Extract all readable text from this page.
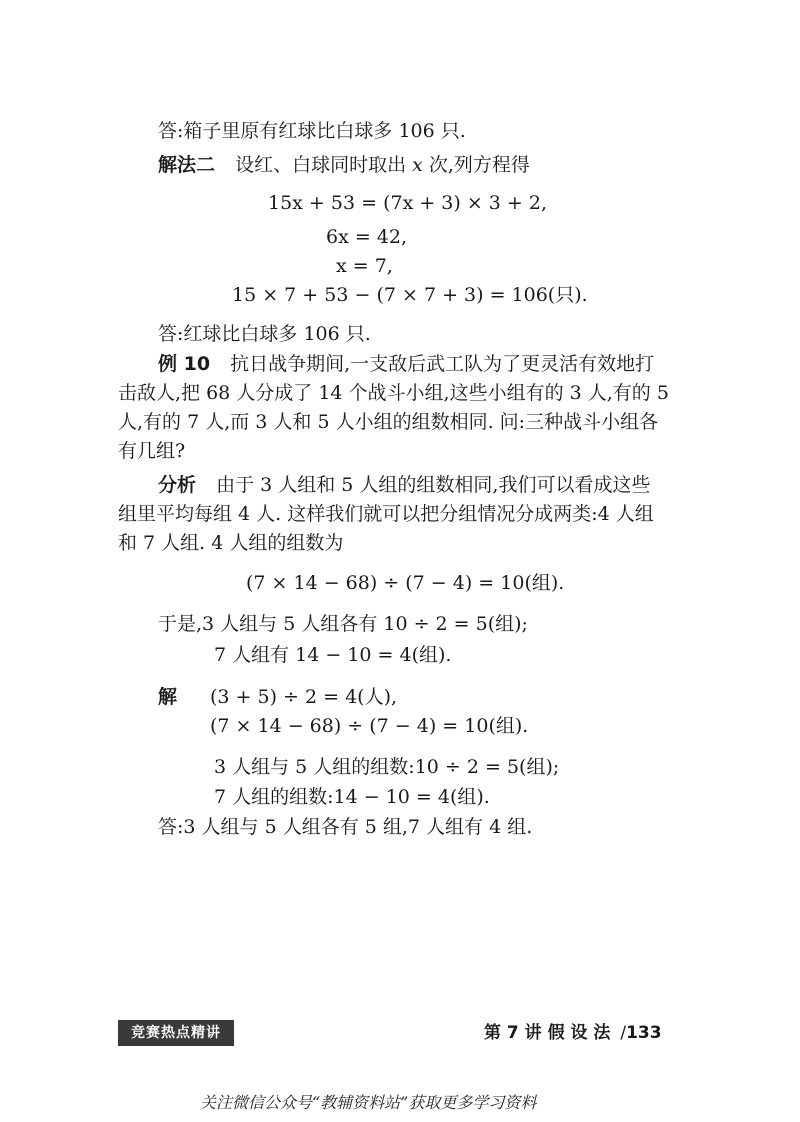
答:箱子里原有红球比白球多 106 只.
解法二 设红、白球同时取出 x 次,列方程得
15x + 53 = (7x + 3) × 3 + 2,
6x = 42,
x = 7,
15 × 7 + 53 − (7 × 7 + 3) = 106(只).
答:红球比白球多 106 只.
例 10 抗日战争期间,一支敌后武工队为了更灵活有效地打
击敌人,把 68 人分成了 14 个战斗小组,这些小组有的 3 人,有的 5
人,有的 7 人,而 3 人和 5 人小组的组数相同. 问:三种战斗小组各
有几组?
分析 由于 3 人组和 5 人组的组数相同,我们可以看成这些
组里平均每组 4 人. 这样我们就可以把分组情况分成两类:4 人组
和 7 人组. 4 人组的组数为
(7 × 14 − 68) ÷ (7 − 4) = 10(组).
于是,3 人组与 5 人组各有 10 ÷ 2 = 5(组);
7 人组有 14 − 10 = 4(组).
解 (3 + 5) ÷ 2 = 4(人),
(7 × 14 − 68) ÷ (7 − 4) = 10(组).
3 人组与 5 人组的组数:10 ÷ 2 = 5(组);
7 人组的组数:14 − 10 = 4(组).
答:3 人组与 5 人组各有 5 组,7 人组有 4 组.
竞赛热点精讲	第 7 讲 假 设 法 /133
关注微信公众号“教辅资料站”获取更多学习资料
